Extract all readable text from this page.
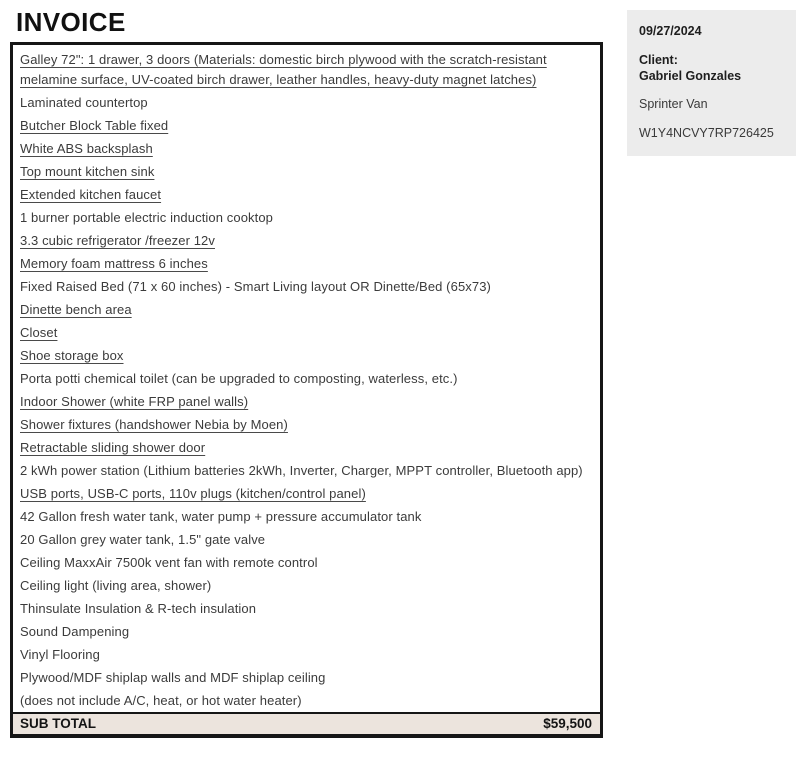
INVOICE

Galley 72": 1 drawer, 3 doors (Materials: domestic birch plywood with the scratch-resistant melamine surface, UV-coated birch drawer, leather handles, heavy-duty magnet latches)

Laminated countertop

Butcher Block Table fixed

White ABS backsplash

Top mount kitchen sink

Extended kitchen faucet

1 burner portable electric induction cooktop

3.3 cubic refrigerator /freezer 12v

Memory foam mattress 6 inches

Fixed Raised Bed (71 x 60 inches) - Smart Living layout OR Dinette/Bed (65x73)

Dinette bench area

Closet

Shoe storage box

Porta potti chemical toilet (can be upgraded to composting, waterless, etc.)

Indoor Shower (white FRP panel walls)

Shower fixtures (handshower Nebia by Moen)

Retractable sliding shower door

2 kWh power station (Lithium batteries 2kWh, Inverter, Charger, MPPT controller, Bluetooth app)

USB ports, USB-C ports, 110v plugs (kitchen/control panel)

42 Gallon fresh water tank, water pump + pressure accumulator tank

20 Gallon grey water tank, 1.5" gate valve

Ceiling MaxxAir 7500k vent fan with remote control

Ceiling light (living area, shower)

Thinsulate Insulation & R-tech insulation

Sound Dampening

Vinyl Flooring

Plywood/MDF shiplap walls and MDF shiplap ceiling

(does not include A/C, heat, or hot water heater)

SUB TOTAL	$59,500
09/27/2024
Client:
Gabriel Gonzales
Sprinter Van
W1Y4NCVY7RP726425
